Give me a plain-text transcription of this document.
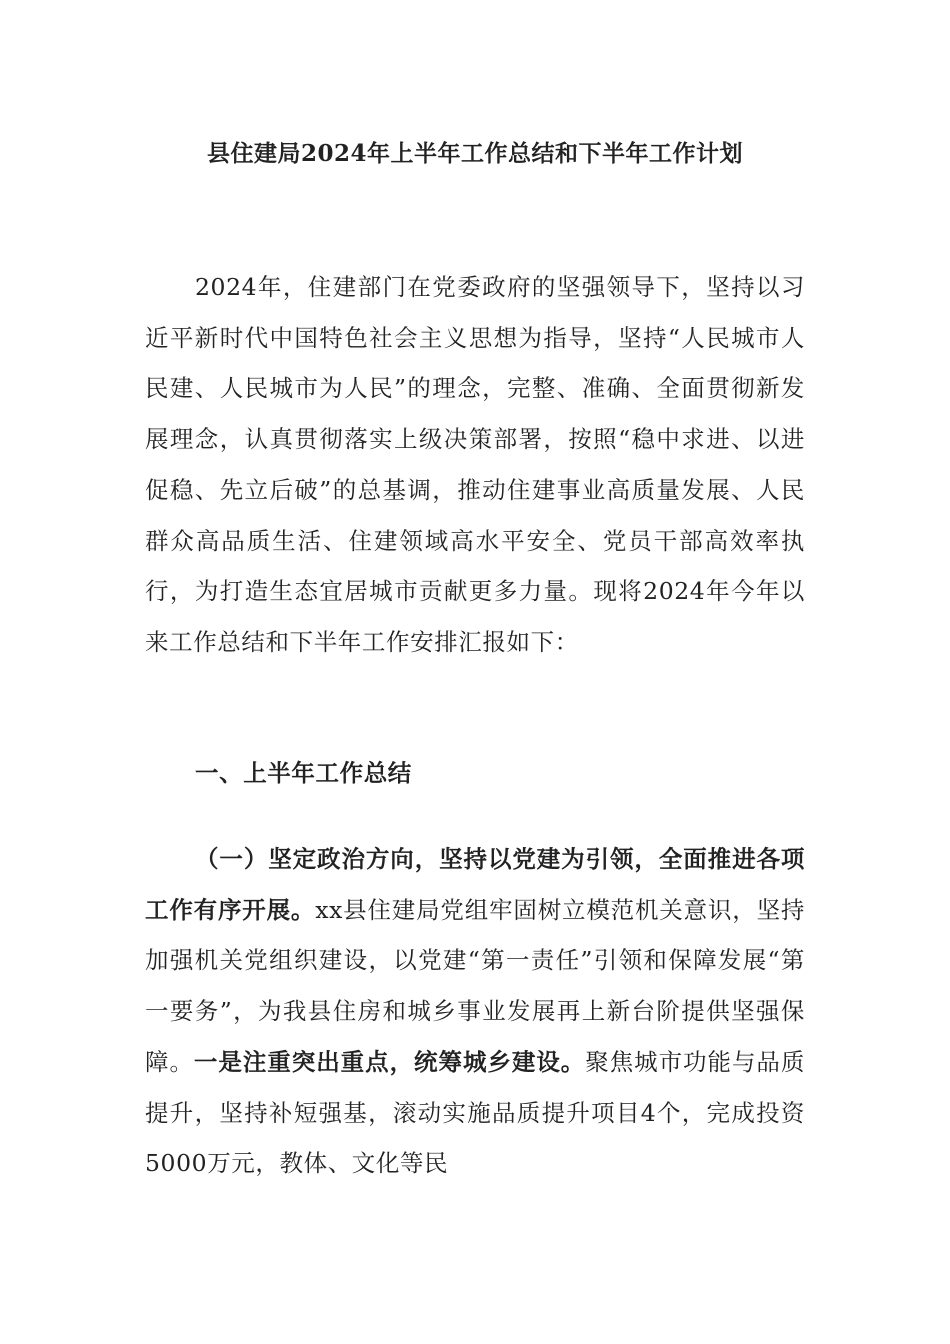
县住建局2024年上半年工作总结和下半年工作计划

2024年，住建部门在党委政府的坚强领导下，坚持以习近平新时代中国特色社会主义思想为指导，坚持“人民城市人民建、人民城市为人民”的理念，完整、准确、全面贯彻新发展理念，认真贯彻落实上级决策部署，按照“稳中求进、以进促稳、先立后破”的总基调，推动住建事业高质量发展、人民群众高品质生活、住建领域高水平安全、党员干部高效率执行，为打造生态宜居城市贡献更多力量。现将2024年今年以来工作总结和下半年工作安排汇报如下：

一、上半年工作总结

（一）坚定政治方向，坚持以党建为引领，全面推进各项工作有序开展。xx县住建局党组牢固树立模范机关意识，坚持加强机关党组织建设，以党建“第一责任”引领和保障发展“第一要务”，为我县住房和城乡事业发展再上新台阶提供坚强保障。一是注重突出重点，统筹城乡建设。聚焦城市功能与品质提升，坚持补短强基，滚动实施品质提升项目4个，完成投资5000万元，教体、文化等民
